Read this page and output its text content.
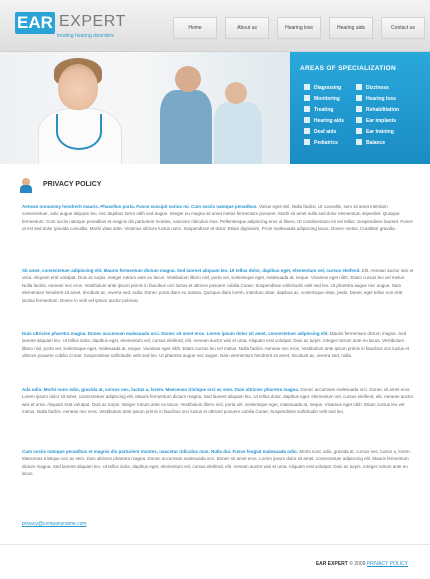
EAR EXPERT
treating hearing disorders
Home	About us	Hearing loss	Hearing aids	Contact us
AREAS OF SPECIALIZATION
Diagnosing	Dizziness
Monitoring	Hearing loss
Treating	Rehabilitation
Hearing aids	Ear implants
Deaf aids	Ear training
Pediatrics	Balance
PRIVACY POLICY
Aenean nonummy hendrerit mauris. Phasellus porta. Fusce suscipit varius mi. Cum sociis natoque penatibus. Varius eget nisl. Nulla facilisi. Ut convallis, sem sit amet interdum consectetuer, odio augue aliquam leo, nec dapibus tortor nibh sed augue. Integer eu magna sit amet metus fermentum posuere. Morbi sit amet nulla sed dolor elementum imperdiet. Quisque fermentum. Cum sociis natoque penatibus et magnis dis parturient montes, nascetur ridiculus mus. Pellentesque adipiscing eros ut libero. Ut condimentum mi vel tellus. Suspendisse laoreet. Fusce ut est sed dolor gravida convallis. Morbi vitae ante. Vivamus ultrices luctus nunc. Suspendisse et dolor. Etiam dignissim. Proin malesuada adipiscing lacus. Donec metus. Curabitur gravida.
Sit amet, consectetuer adipiscing elit. Mauris fermentum dictum magna. Sed laoreet aliquam leo. Ut tellus dolor, dapibus eget, elementum vel, cursus eleifend. Elit. Aenean auctor wisi et urna. Aliquam erat volutpat. Duis ac turpis. Integer rutrum ante eu lacus. Vestibulum libero nisl, porta vel, scelerisque eget, malesuada at, neque. Vivamus eget nibh. Etiam cursus leo vel metus. Nulla facilisi. Aenean nec eros. Vestibulum ante ipsum primis in faucibus orci luctus et ultrices posuere cubilia Curae; Suspendisse sollicitudin velit sed leo. Ut pharetra augue nec augue. Nam elementum hendrerit sit amet, tincidunt ac, viverra sed, nulla. Donec porta diam eu massa. Quisque diam lorem, interdum vitae, dapibus ac, scelerisque vitae, pede. Donec eget tellus non erat lacinia fermentum. Donec in velit vel ipsum auctor pulvinar.
Duis ultricies pharetra magna. Donec accumsan malesuada orci. Donec sit amet eros. Lorem ipsum dolor sit amet, consectetuer adipiscing elit. Mauris fermentum dictum magna. Sed laoreet aliquam leo. Ut tellus dolor, dapibus eget, elementum vel, cursus eleifend, elit. Aenean auctor wisi et urna. Aliquam erat volutpat. Duis ac turpis. Integer rutrum ante eu lacus. Vestibulum libero nisl, porta vel, scelerisque eget, malesuada at, neque. Vivamus eget nibh. Etiam cursus leo vel metus. Nulla facilisi. Aenean nec eros. Vestibulum ante ipsum primis in faucibus orci luctus et ultrices posuere cubilia Curae; Suspendisse sollicitudin velit sed leo. Ut pharetra augue nec augue. Nam elementum hendrerit sit amet, tincidunt ac, viverra sed, nulla.
Ada odio. Morbi nunc odio, gravida at, cursus nec, luctus a, lorem. Maecenas tristique orci ac sem. Duis ultricies pharetra magna. Donec accumsan malesuada orci. Donec sit amet eros. Lorem ipsum dolor sit amet, consectetuer adipiscing elit. Mauris fermentum dictum magna. Sed laoreet aliquam leo. Ut tellus dolor, dapibus eget, elementum vel, cursus eleifend, elit. Aenean auctor wisi et urna. Aliquam erat volutpat. Duis ac turpis. Integer rutrum ante eu lacus. Vestibulum libero nisl, porta vel, scelerisque eget, malesuada at, neque. Vivamus eget nibh. Etiam cursus leo vel metus. Nulla facilisi. Aenean nec eros. Vestibulum ante ipsum primis in faucibus orci luctus et ultrices posuere cubilia Curae; Suspendisse sollicitudin velit sed leo.
Cum sociis natoque penatibus et magnis dis parturient montes, nascetur ridiculus mus. Nulla dui. Fusce feugiat malesuada odio. Morbi nunc odio, gravida at, cursus nec, luctus a, lorem. Maecenas tristique orci ac sem. Duis ultricies pharetra magna. Donec accumsan malesuada orci. Donec sit amet eros. Lorem ipsum dolor sit amet, consectetuer adipiscing elit. Mauris fermentum dictum magna. Sed laoreet aliquam leo. Ut tellus dolor, dapibus eget, elementum vel, cursus eleifend, elit. Aenean auctor wisi et urna. Aliquam erat volutpat. Duis ac turpis. Integer rutrum ante eu lacus.
privacy@companyname.com
EAR EXPERT © 2009 PRIVACY POLICY
